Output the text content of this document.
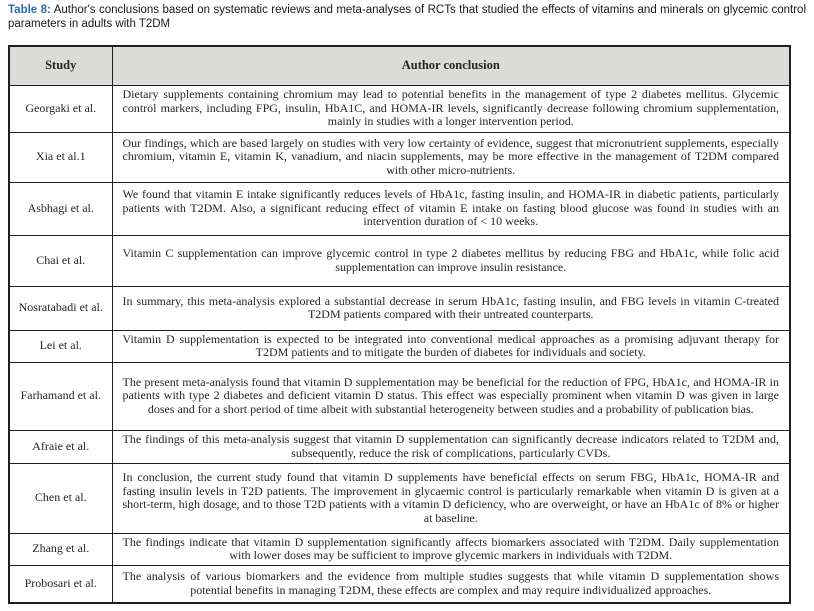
Table 8: Author's conclusions based on systematic reviews and meta-analyses of RCTs that studied the effects of vitamins and minerals on glycemic control parameters in adults with T2DM

Study	Author conclusion
Georgaki et al.	Dietary supplements containing chromium may lead to potential benefits in the management of type 2 diabetes mellitus. Glycemic control markers, including FPG, insulin, HbA1C, and HOMA-IR levels, significantly decrease following chromium supplementation, mainly in studies with a longer intervention period.
Xia et al.1	Our findings, which are based largely on studies with very low certainty of evidence, suggest that micronutrient supplements, especially chromium, vitamin E, vitamin K, vanadium, and niacin supplements, may be more effective in the management of T2DM compared with other micro-nutrients.
Asbhagi et al.	We found that vitamin E intake significantly reduces levels of HbA1c, fasting insulin, and HOMA-IR in diabetic patients, particularly patients with T2DM. Also, a significant reducing effect of vitamin E intake on fasting blood glucose was found in studies with an intervention duration of < 10 weeks.
Chai et al.	Vitamin C supplementation can improve glycemic control in type 2 diabetes mellitus by reducing FBG and HbA1c, while folic acid supplementation can improve insulin resistance.
Nosratabadi et al.	In summary, this meta-analysis explored a substantial decrease in serum HbA1c, fasting insulin, and FBG levels in vitamin C-treated T2DM patients compared with their untreated counterparts.
Lei et al.	Vitamin D supplementation is expected to be integrated into conventional medical approaches as a promising adjuvant therapy for T2DM patients and to mitigate the burden of diabetes for individuals and society.
Farhamand et al.	The present meta-analysis found that vitamin D supplementation may be beneficial for the reduction of FPG, HbA1c, and HOMA-IR in patients with type 2 diabetes and deficient vitamin D status. This effect was especially prominent when vitamin D was given in large doses and for a short period of time albeit with substantial heterogeneity between studies and a probability of publication bias.
Afraie et al.	The findings of this meta-analysis suggest that vitamin D supplementation can significantly decrease indicators related to T2DM and, subsequently, reduce the risk of complications, particularly CVDs.
Chen et al.	In conclusion, the current study found that vitamin D supplements have beneficial effects on serum FBG, HbA1c, HOMA-IR and fasting insulin levels in T2D patients. The improvement in glycaemic control is particularly remarkable when vitamin D is given at a short-term, high dosage, and to those T2D patients with a vitamin D deficiency, who are overweight, or have an HbA1c of 8% or higher at baseline.
Zhang et al.	The findings indicate that vitamin D supplementation significantly affects biomarkers associated with T2DM. Daily supplementation with lower doses may be sufficient to improve glycemic markers in individuals with T2DM.
Probosari et al.	The analysis of various biomarkers and the evidence from multiple studies suggests that while vitamin D supplementation shows potential benefits in managing T2DM, these effects are complex and may require individualized approaches.
